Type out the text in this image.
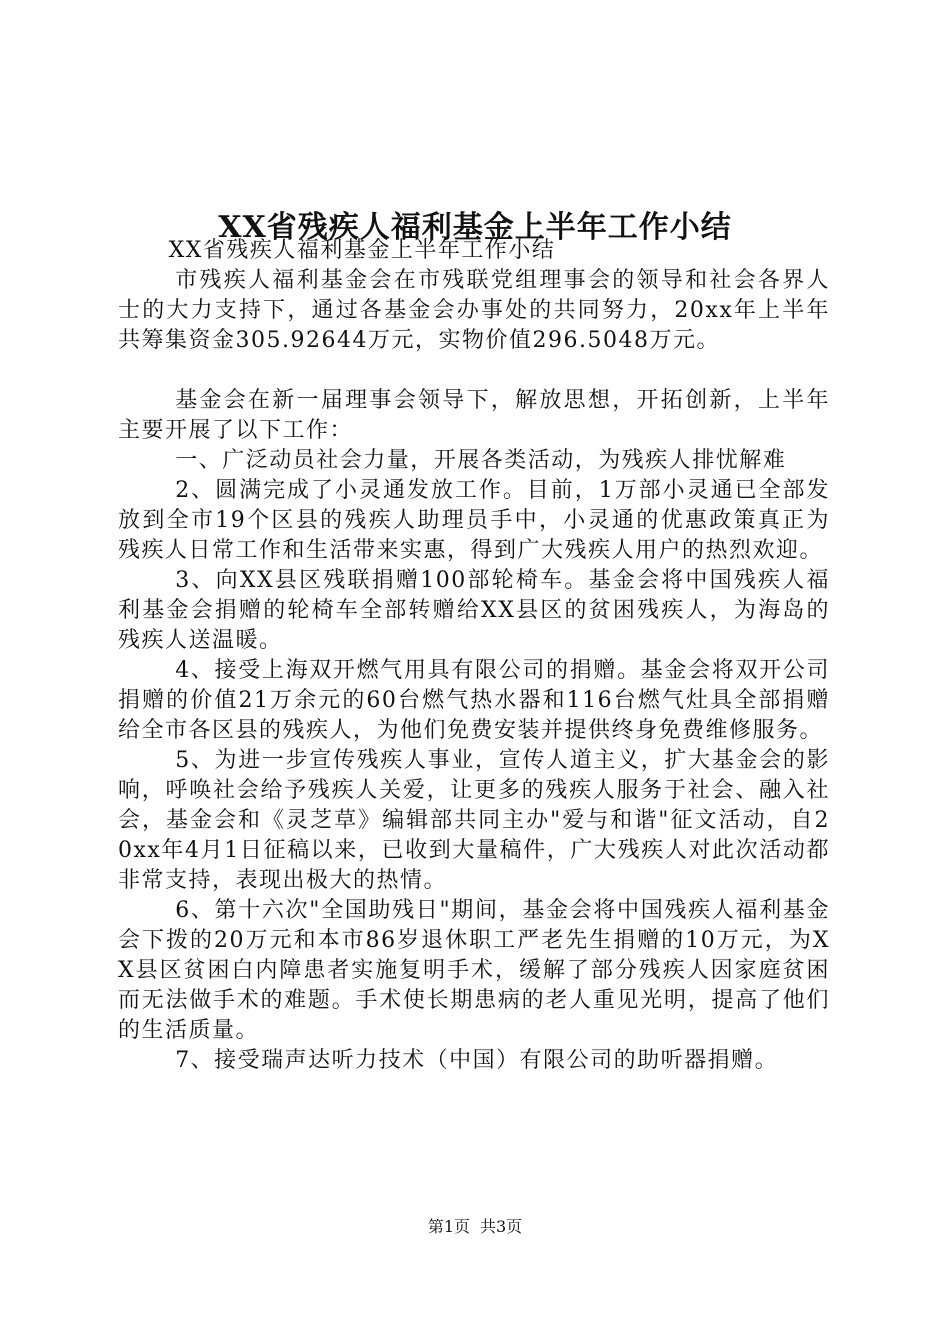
XX省残疾人福利基金上半年工作小结

XX省残疾人福利基金上半年工作小结

市残疾人福利基金会在市残联党组理事会的领导和社会各界人士的大力支持下，通过各基金会办事处的共同努力，20xx年上半年共筹集资金305.92644万元，实物价值296.5048万元。

基金会在新一届理事会领导下，解放思想，开拓创新，上半年主要开展了以下工作：

一、广泛动员社会力量，开展各类活动，为残疾人排忧解难

2、圆满完成了小灵通发放工作。目前，1万部小灵通已全部发放到全市19个区县的残疾人助理员手中，小灵通的优惠政策真正为残疾人日常工作和生活带来实惠，得到广大残疾人用户的热烈欢迎。

3、向XX县区残联捐赠100部轮椅车。基金会将中国残疾人福利基金会捐赠的轮椅车全部转赠给XX县区的贫困残疾人，为海岛的残疾人送温暖。

4、接受上海双开燃气用具有限公司的捐赠。基金会将双开公司捐赠的价值21万余元的60台燃气热水器和116台燃气灶具全部捐赠给全市各区县的残疾人，为他们免费安装并提供终身免费维修服务。

5、为进一步宣传残疾人事业，宣传人道主义，扩大基金会的影响，呼唤社会给予残疾人关爱，让更多的残疾人服务于社会、融入社会，基金会和《灵芝草》编辑部共同主办"爱与和谐"征文活动，自20xx年4月1日征稿以来，已收到大量稿件，广大残疾人对此次活动都非常支持，表现出极大的热情。

6、第十六次"全国助残日"期间，基金会将中国残疾人福利基金会下拨的20万元和本市86岁退休职工严老先生捐赠的10万元，为XX县区贫困白内障患者实施复明手术，缓解了部分残疾人因家庭贫困而无法做手术的难题。手术使长期患病的老人重见光明，提高了他们的生活质量。

7、接受瑞声达听力技术（中国）有限公司的助听器捐赠。

第1页 共3页
